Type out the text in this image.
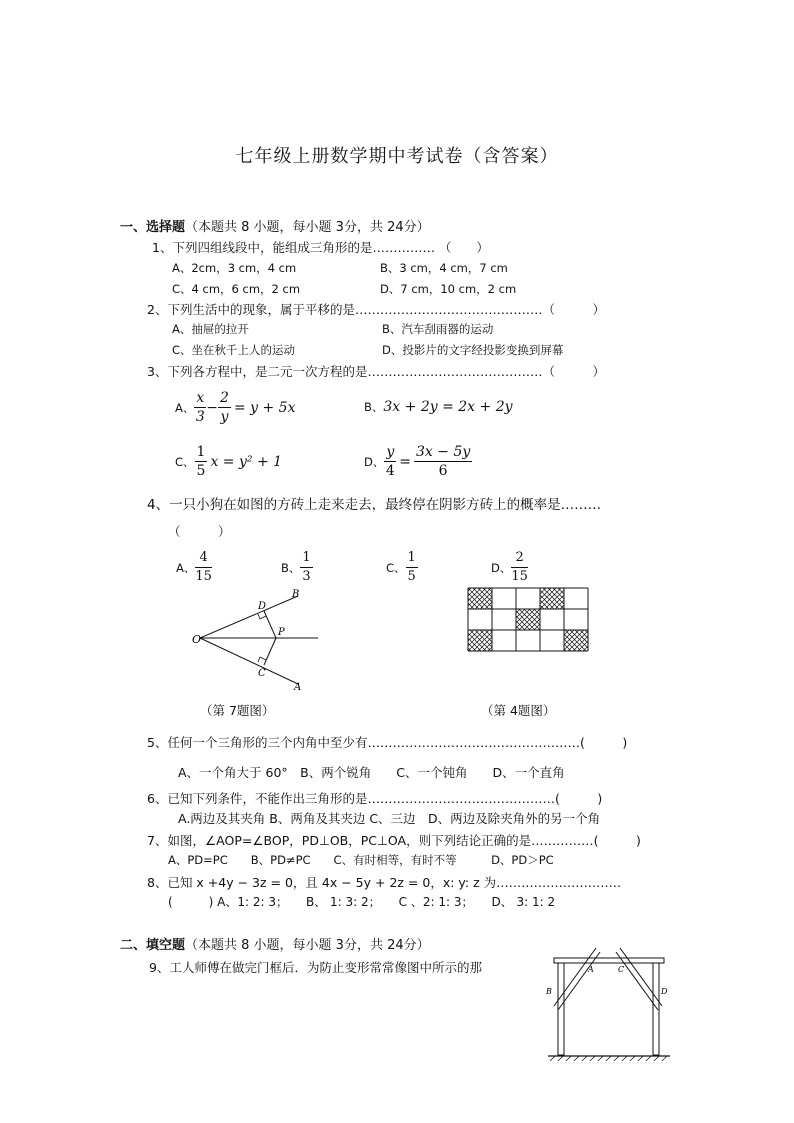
七年级上册数学期中考试卷（含答案）
一、选择题（本题共 8 小题，每小题 3分，共 24分）
1、下列四组线段中，能组成三角形的是…………… （　　）
A、2cm，3 cm，4 cm	B、3 cm，4 cm，7 cm
C、4 cm，6 cm，2 cm	D、7 cm，10 cm，2 cm
2、下列生活中的现象，属于平移的是………………………………………（　　　）
A、抽屉的拉开	B、汽车刮雨器的运动
C、坐在秋千上人的运动	D、投影片的文字经投影变换到屏幕
3、下列各方程中，是二元一次方程的是……………………………………（　　　）
A、 $\frac{x}{3} - \frac{2}{y} = y + 5x$	B、 3x + 2y = 2x + 2y
C、 $\frac{1}{5}$ x = y² + 1	D、 $\frac{y}{4} = \frac{3x - 5y}{6}$
4、一只小狗在如图的方砖上走来走去，最终停在阴影方砖上的概率是………
（　　　）
A、 $\frac{4}{15}$	B、 $\frac{1}{3}$	C、 $\frac{1}{5}$	D、 $\frac{2}{15}$
O
D
B
P
C
A
（第 7题图）	（第 4题图）
5、任何一个三角形的三个内角中至少有……………………………………………(　　　)
A、一个角大于 60°　B、两个锐角　　C、一个钝角　　D、一个直角
6、已知下列条件，不能作出三角形的是………………………………………(　　　)
A.两边及其夹角 B、两角及其夹边 C、三边　D、两边及除夹角外的另一个角
7、如图，∠AOP=∠BOP，PD⊥OB，PC⊥OA，则下列结论正确的是……………(　　　)
A、PD=PC　　B、PD≠PC　　C、有时相等，有时不等　　　D、PD＞PC
8、已知 x +4y − 3z = 0，且 4x − 5y + 2z = 0，x: y: z 为…………………………
(　　　) A、1: 2: 3；　　B、 1: 3: 2；　　C 、2: 1: 3；　　D、 3: 1: 2
二、填空题（本题共 8 小题，每小题 3分，共 24分）
9、工人师傅在做完门框后．为防止变形常常像图中所示的那	A
B
C
D
